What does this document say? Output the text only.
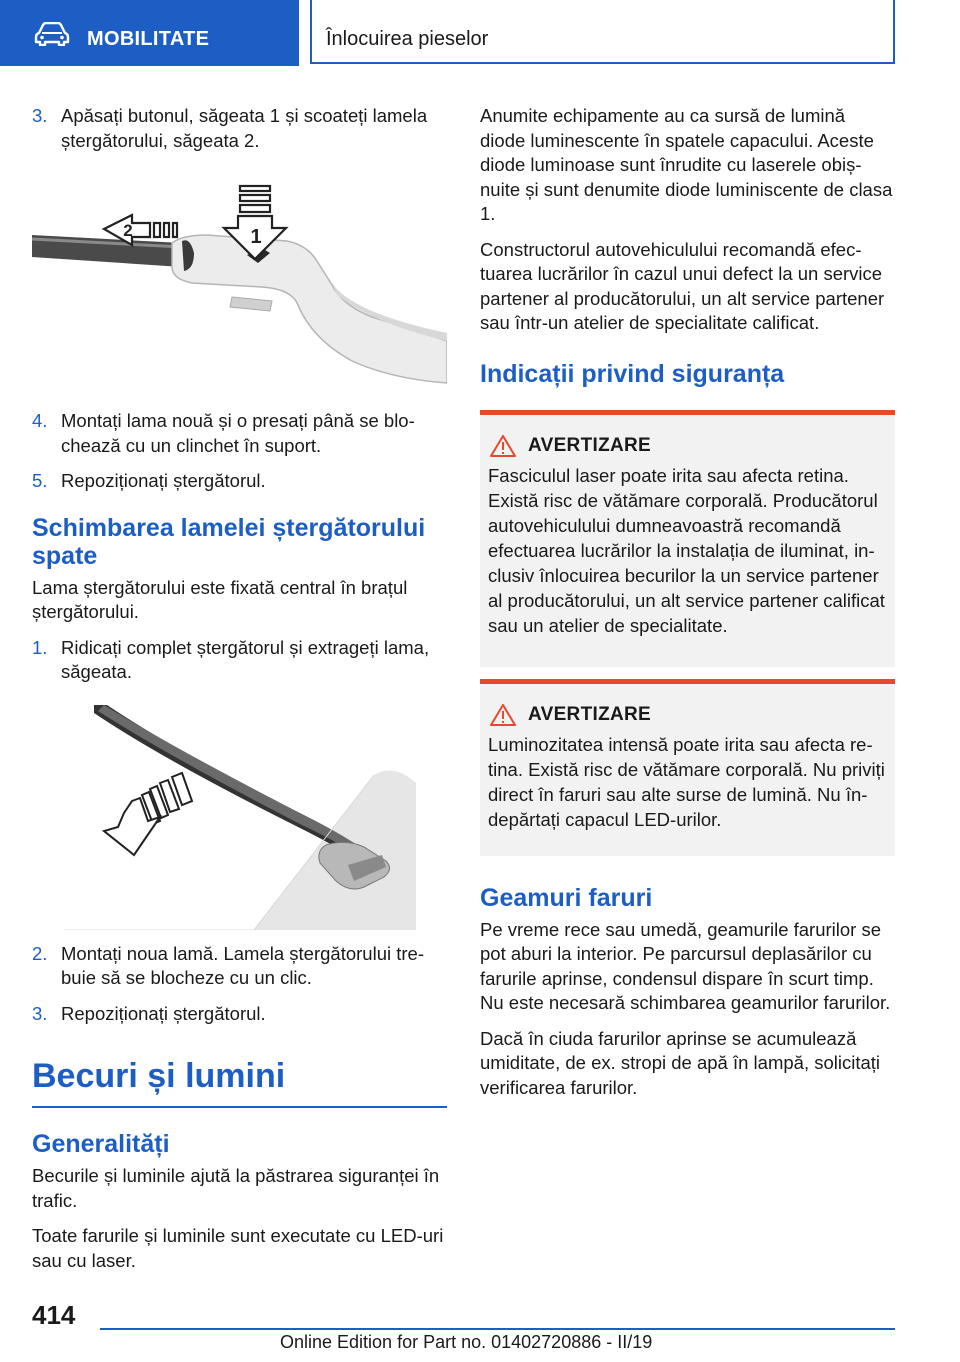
MOBILITATE	Înlocuirea pieselor
3. Apăsați butonul, săgeata 1 și scoateți lamela ștergătorului, săgeata 2.
1
2
4. Montați lama nouă și o presați până se blochează cu un clinchet în suport.
5. Repoziționați ștergătorul.
Schimbarea lamelei ștergătorului spate

Lama ștergătorului este fixată central în brațul ștergătorului.

1. Ridicați complet ștergătorul și extrageți lama, săgeata.
2. Montați noua lamă. Lamela ștergătorului trebuie să se blocheze cu un clic.
3. Repoziționați ștergătorul.
Becuri și lumini
Generalități

Becurile și luminile ajută la păstrarea siguranței în trafic.

Toate farurile și luminile sunt executate cu LED-uri sau cu laser.

Anumite echipamente au ca sursă de lumină diode luminescente în spatele capacului. Aceste diode luminoase sunt înrudite cu laserele obișnuite și sunt denumite diode luminiscente de clasa 1.

Constructorul autovehiculului recomandă efectuarea lucrărilor în cazul unui defect la un service partener al producătorului, un alt service partener sau într-un atelier de specialitate calificat.

Indicații privind siguranța
AVERTIZARE

Fasciculul laser poate irita sau afecta retina. Există risc de vătămare corporală. Producătorul autovehiculului dumneavoastră recomandă efectuarea lucrărilor la instalația de iluminat, inclusiv înlocuirea becurilor la un service partener al producătorului, un alt service partener calificat sau un atelier de specialitate.

AVERTIZARE

Luminozitatea intensă poate irita sau afecta retina. Există risc de vătămare corporală. Nu priviți direct în faruri sau alte surse de lumină. Nu îndepărtați capacul LED-urilor.

Geamuri faruri

Pe vreme rece sau umedă, geamurile farurilor se pot aburi la interior. Pe parcursul deplasărilor cu farurile aprinse, condensul dispare în scurt timp. Nu este necesară schimbarea geamurilor farurilor.

Dacă în ciuda farurilor aprinse se acumulează umiditate, de ex. stropi de apă în lampă, solicitați verificarea farurilor.

414
Online Edition for Part no. 01402720886 - II/19
